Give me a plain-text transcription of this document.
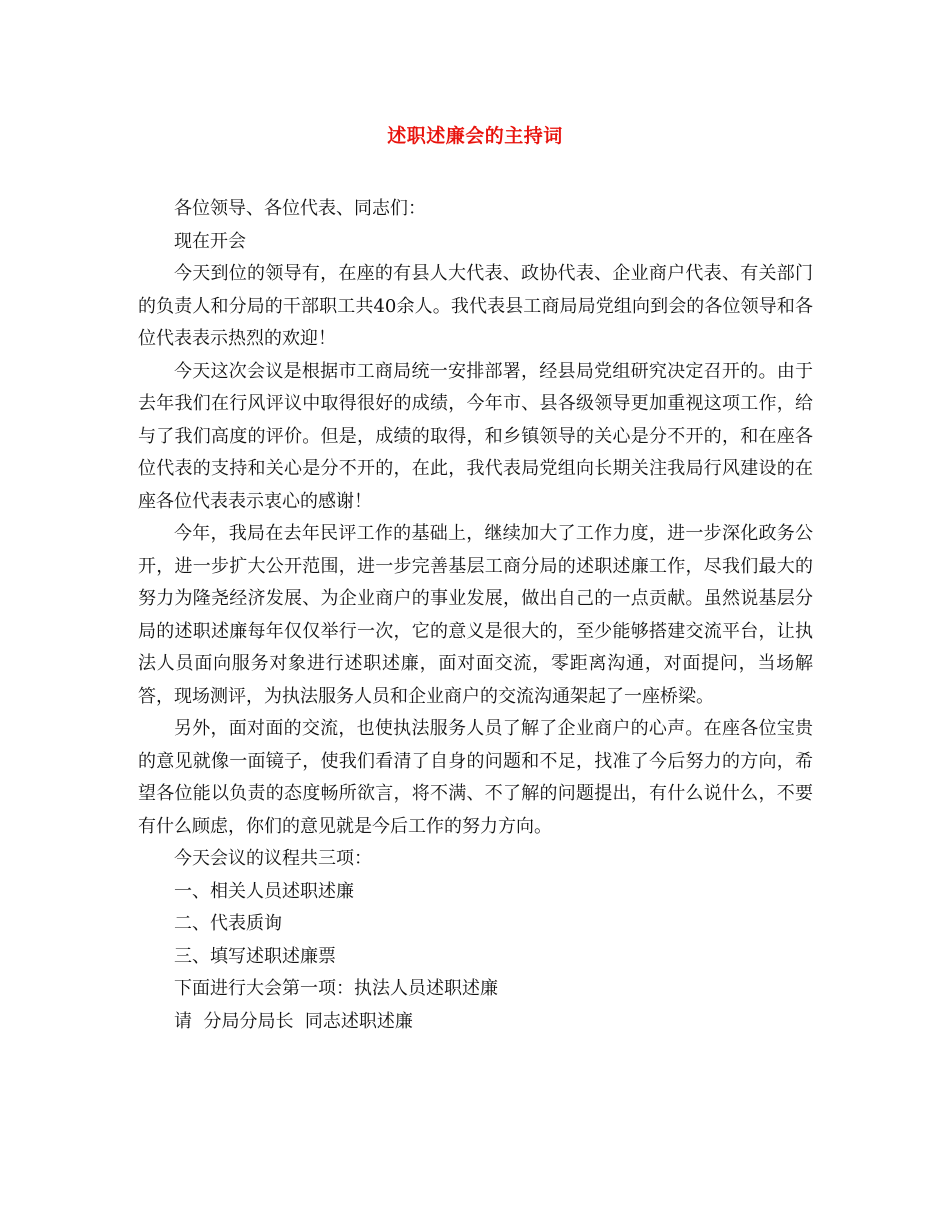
述职述廉会的主持词

各位领导、各位代表、同志们：

现在开会

今天到位的领导有，在座的有县人大代表、政协代表、企业商户代表、有关部门的负责人和分局的干部职工共40余人。我代表县工商局局党组向到会的各位领导和各位代表表示热烈的欢迎！

今天这次会议是根据市工商局统一安排部署，经县局党组研究决定召开的。由于去年我们在行风评议中取得很好的成绩，今年市、县各级领导更加重视这项工作，给与了我们高度的评价。但是，成绩的取得，和乡镇领导的关心是分不开的，和在座各位代表的支持和关心是分不开的，在此，我代表局党组向长期关注我局行风建设的在座各位代表表示衷心的感谢！

今年，我局在去年民评工作的基础上，继续加大了工作力度，进一步深化政务公开，进一步扩大公开范围，进一步完善基层工商分局的述职述廉工作，尽我们最大的努力为隆尧经济发展、为企业商户的事业发展，做出自己的一点贡献。虽然说基层分局的述职述廉每年仅仅举行一次，它的意义是很大的，至少能够搭建交流平台，让执法人员面向服务对象进行述职述廉，面对面交流，零距离沟通，对面提问，当场解答，现场测评，为执法服务人员和企业商户的交流沟通架起了一座桥梁。

另外，面对面的交流，也使执法服务人员了解了企业商户的心声。在座各位宝贵的意见就像一面镜子，使我们看清了自身的问题和不足，找准了今后努力的方向，希望各位能以负责的态度畅所欲言，将不满、不了解的问题提出，有什么说什么，不要有什么顾虑，你们的意见就是今后工作的努力方向。

今天会议的议程共三项：

一、相关人员述职述廉

二、代表质询

三、填写述职述廉票

下面进行大会第一项：执法人员述职述廉

请  分局分局长  同志述职述廉
